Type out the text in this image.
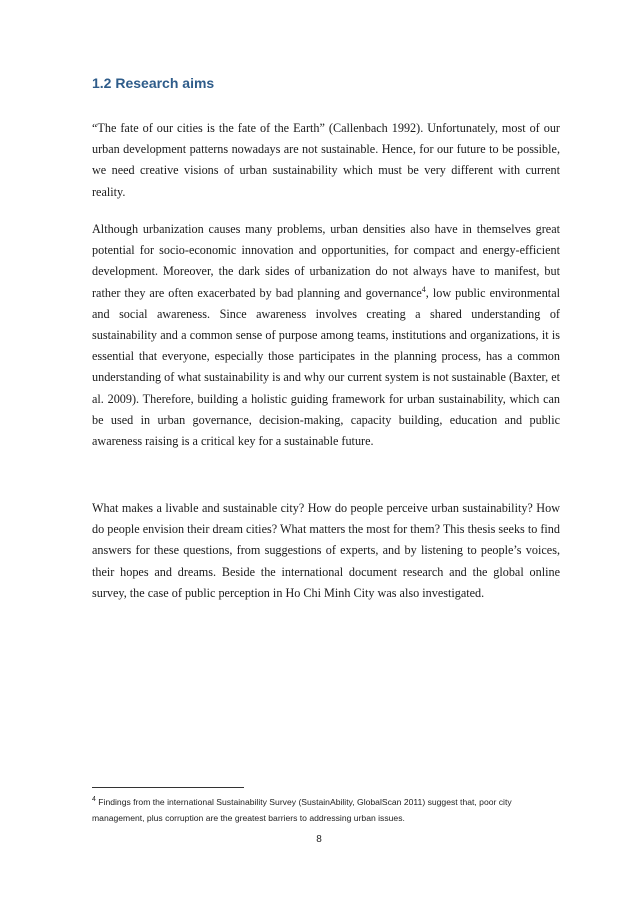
1.2 Research aims

“The fate of our cities is the fate of the Earth” (Callenbach 1992). Unfortunately, most of our urban development patterns nowadays are not sustainable. Hence, for our future to be possible, we need creative visions of urban sustainability which must be very different with current reality.

Although urbanization causes many problems, urban densities also have in themselves great potential for socio-economic innovation and opportunities, for compact and energy-efficient development. Moreover, the dark sides of urbanization do not always have to manifest, but rather they are often exacerbated by bad planning and governance$^4$, low public environmental and social awareness. Since awareness involves creating a shared understanding of sustainability and a common sense of purpose among teams, institutions and organizations, it is essential that everyone, especially those participates in the planning process, has a common understanding of what sustainability is and why our current system is not sustainable (Baxter, et al. 2009). Therefore, building a holistic guiding framework for urban sustainability, which can be used in urban governance, decision-making, capacity building, education and public awareness raising is a critical key for a sustainable future.

What makes a livable and sustainable city? How do people perceive urban sustainability? How do people envision their dream cities? What matters the most for them? This thesis seeks to find answers for these questions, from suggestions of experts, and by listening to people’s voices, their hopes and dreams. Beside the international document research and the global online survey, the case of public perception in Ho Chi Minh City was also investigated.

$^4$ Findings from the international Sustainability Survey (SustainAbility, GlobalScan 2011) suggest that, poor city management, plus corruption are the greatest barriers to addressing urban issues.

8
